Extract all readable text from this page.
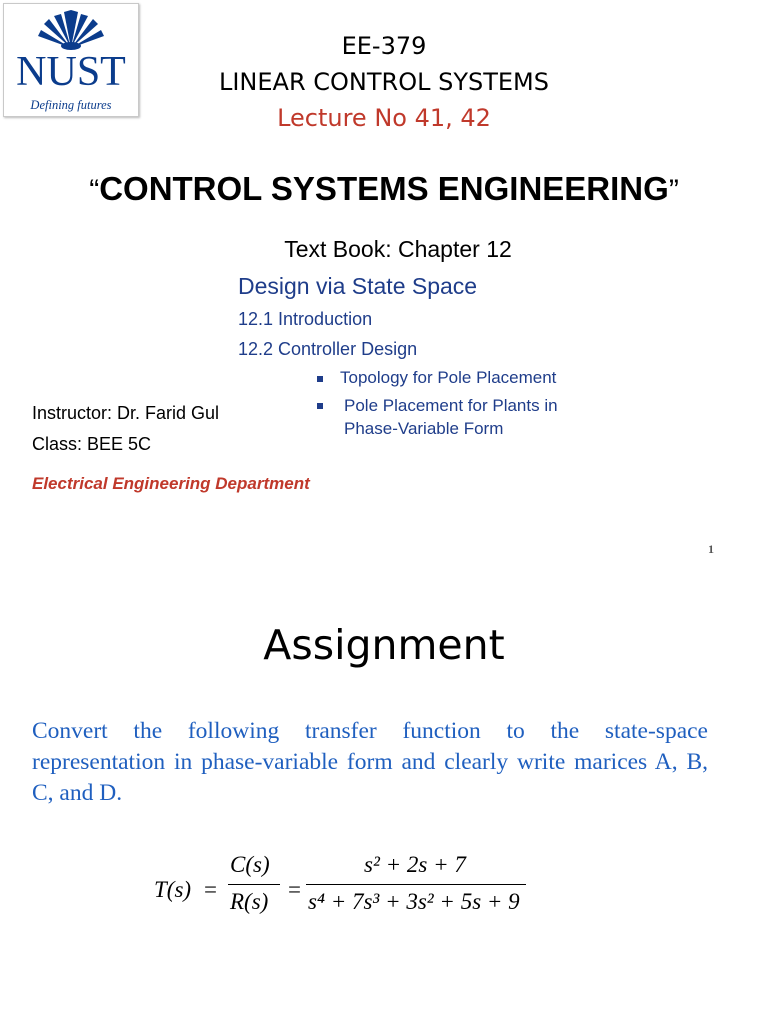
NUST
Defining futures
EE-379
LINEAR CONTROL SYSTEMS
Lecture No 41, 42
“CONTROL SYSTEMS ENGINEERING”
Text Book: Chapter 12
Design via State Space
12.1 Introduction
12.2 Controller Design
Topology for Pole Placement
Pole Placement for Plants in
Phase-Variable Form
Instructor: Dr. Farid Gul
Class: BEE 5C
Electrical Engineering Department
1
Assignment
Convert the following transfer function to the state-space representation in phase-variable form and clearly write marices A, B, C, and D.
T(s) =
C(s)
R(s) =
s² + 2s + 7
s⁴ + 7s³ + 3s² + 5s + 9
